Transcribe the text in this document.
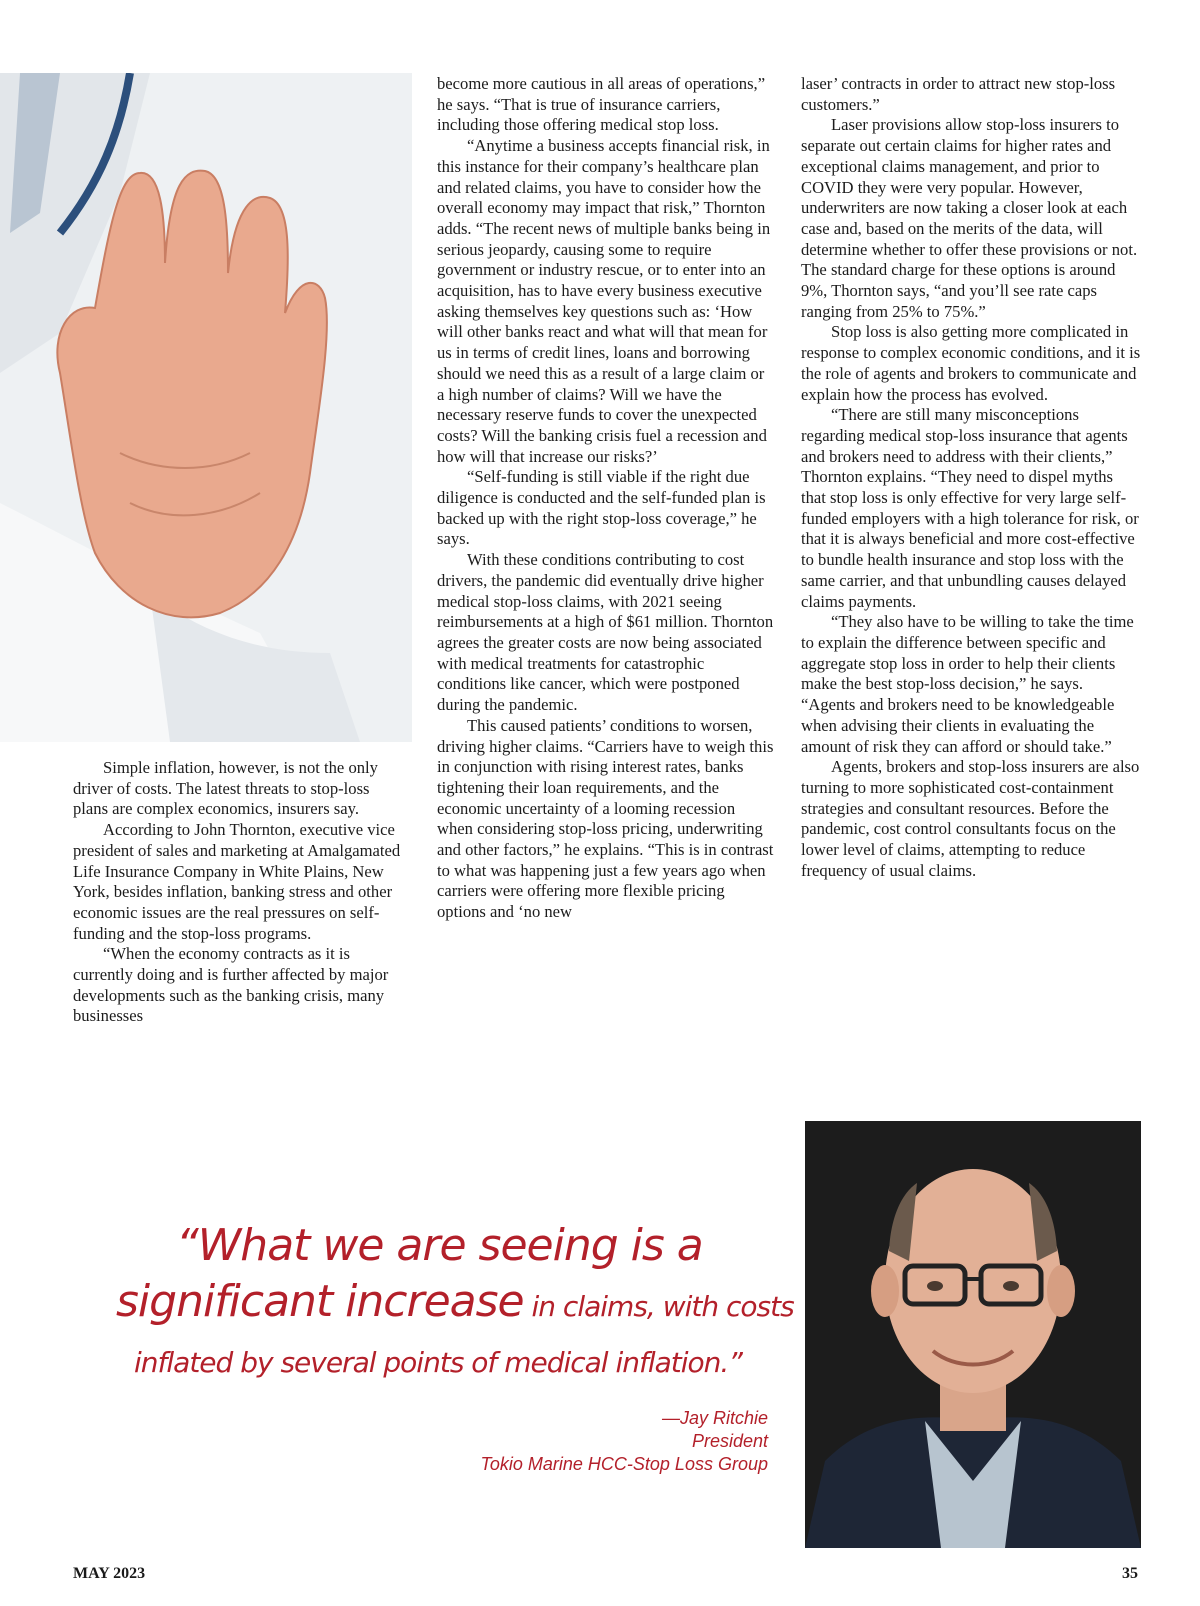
Simple inflation, however, is not the only driver of costs. The latest threats to stop-loss plans are complex economics, insurers say.

According to John Thornton, executive vice president of sales and marketing at Amalgamated Life Insurance Company in White Plains, New York, besides inflation, banking stress and other economic issues are the real pressures on self-funding and the stop-loss programs.

“When the economy contracts as it is currently doing and is further affected by major developments such as the banking crisis, many businesses

become more cautious in all areas of operations,” he says. “That is true of insurance carriers, including those offering medical stop loss.

“Anytime a business accepts financial risk, in this instance for their company’s healthcare plan and related claims, you have to consider how the overall economy may impact that risk,” Thornton adds. “The recent news of multiple banks being in serious jeopardy, causing some to require government or industry rescue, or to enter into an acquisition, has to have every business executive asking themselves key questions such as: ‘How will other banks react and what will that mean for us in terms of credit lines, loans and borrowing should we need this as a result of a large claim or a high number of claims? Will we have the necessary reserve funds to cover the unexpected costs? Will the banking crisis fuel a recession and how will that increase our risks?’

“Self-funding is still viable if the right due diligence is conducted and the self-funded plan is backed up with the right stop-loss coverage,” he says.

With these conditions contributing to cost drivers, the pandemic did eventually drive higher medical stop-loss claims, with 2021 seeing reimbursements at a high of $61 million. Thornton agrees the greater costs are now being associated with medical treatments for catastrophic conditions like cancer, which were postponed during the pandemic.

This caused patients’ conditions to worsen, driving higher claims. “Carriers have to weigh this in conjunction with rising interest rates, banks tightening their loan requirements, and the economic uncertainty of a looming recession when considering stop-loss pricing, underwriting and other factors,” he explains. “This is in contrast to what was happening just a few years ago when carriers were offering more flexible pricing options and ‘no new

laser’ contracts in order to attract new stop-loss customers.”

Laser provisions allow stop-loss insurers to separate out certain claims for higher rates and exceptional claims management, and prior to COVID they were very popular. However, underwriters are now taking a closer look at each case and, based on the merits of the data, will determine whether to offer these provisions or not. The standard charge for these options is around 9%, Thornton says, “and you’ll see rate caps ranging from 25% to 75%.”

Stop loss is also getting more complicated in response to complex economic conditions, and it is the role of agents and brokers to communicate and explain how the process has evolved.

“There are still many misconceptions regarding medical stop-loss insurance that agents and brokers need to address with their clients,” Thornton explains. “They need to dispel myths that stop loss is only effective for very large self-funded employers with a high tolerance for risk, or that it is always beneficial and more cost-effective to bundle health insurance and stop loss with the same carrier, and that unbundling causes delayed claims payments.

“They also have to be willing to take the time to explain the difference between specific and aggregate stop loss in order to help their clients make the best stop-loss decision,” he says. “Agents and brokers need to be knowledgeable when advising their clients in evaluating the amount of risk they can afford or should take.”

Agents, brokers and stop-loss insurers are also turning to more sophisticated cost-containment strategies and consultant resources. Before the pandemic, cost control consultants focus on the lower level of claims, attempting to reduce frequency of usual claims.

“What we are seeing is a
significant increase in claims, with costs
inflated by several points of medical inflation.”
—Jay Ritchie
President
Tokio Marine HCC-Stop Loss Group
MAY 2023	35
